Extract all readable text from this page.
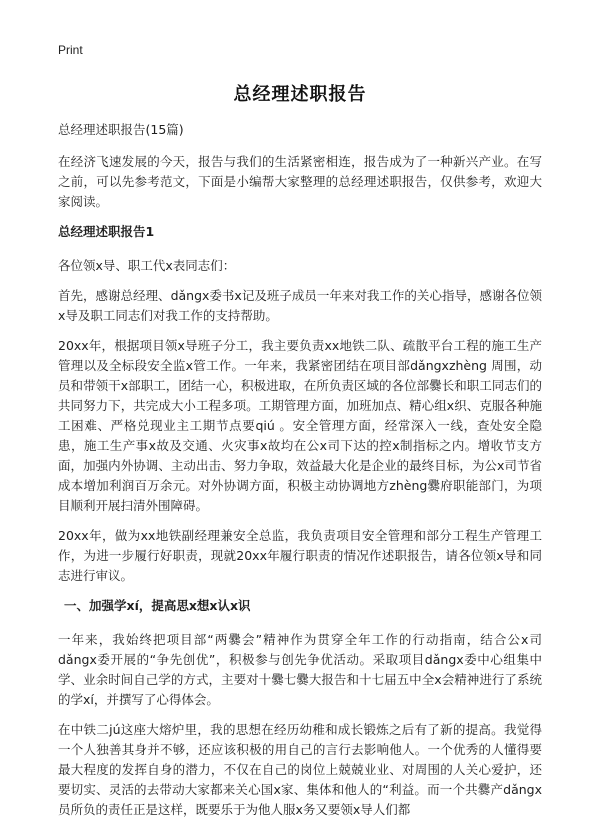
Print
总经理述职报告

总经理述职报告(15篇)

在经济飞速发展的今天，报告与我们的生活紧密相连，报告成为了一种新兴产业。在写之前，可以先参考范文，下面是小编帮大家整理的总经理述职报告，仅供参考，欢迎大家阅读。

总经理述职报告1

各位领x导、职工代x表同志们：

首先，感谢总经理、dǎngx委书x记及班子成员一年来对我工作的关心指导，感谢各位领x导及职工同志们对我工作的支持帮助。

20xx年，根据项目领x导班子分工，我主要负责xx地铁二队、疏散平台工程的施工生产管理以及全标段安全监x管工作。一年来，我紧密团结在项目部dǎngxzhèng 周围，动员和带领干x部职工，团结一心，积极进取，在所负责区域的各位部爨长和职工同志们的共同努力下，共完成大小工程多项。工期管理方面，加班加点、精心组x织、克服各种施工困难、严格兑现业主工期节点要qiú 。安全管理方面，经常深入一线，查处安全隐患，施工生产事x故及交通、火灾事x故均在公x司下达的控x制指标之内。增收节支方面，加强内外协调、主动出击、努力争取，效益最大化是企业的最终目标，为公x司节省成本增加利润百万余元。对外协调方面，积极主动协调地方zhèng爨府职能部门，为项目顺利开展扫清外围障碍。

20xx年，做为xx地铁副经理兼安全总监，我负责项目安全管理和部分工程生产管理工作，为进一步履行好职责，现就20xx年履行职责的情况作述职报告，请各位领x导和同志进行审议。

一、加强学xí，提高思x想x认x识

一年来，我始终把项目部“两爨会”精神作为贯穿全年工作的行动指南，结合公x司dǎngx委开展的“争先创优”，积极参与创先争优活动。采取项目dǎngx委中心组集中学、业余时间自己学的方式，主要对十爨七爨大报告和十七届五中全x会精神进行了系统的学xí，并撰写了心得体会。

在中铁二jú这座大熔炉里，我的思想在经历幼稚和成长锻炼之后有了新的提高。我觉得一个人独善其身并不够，还应该积极的用自己的言行去影响他人。一个优秀的人懂得要最大程度的发挥自身的潜力，不仅在自己的岗位上兢兢业业、对周围的人关心爱护，还要切实、灵活的去带动大家都来关心国x家、集体和他人的“利益。而一个共爨产dǎngx员所负的责任正是这样，既要乐于为他人服x务又要领x导人们都
